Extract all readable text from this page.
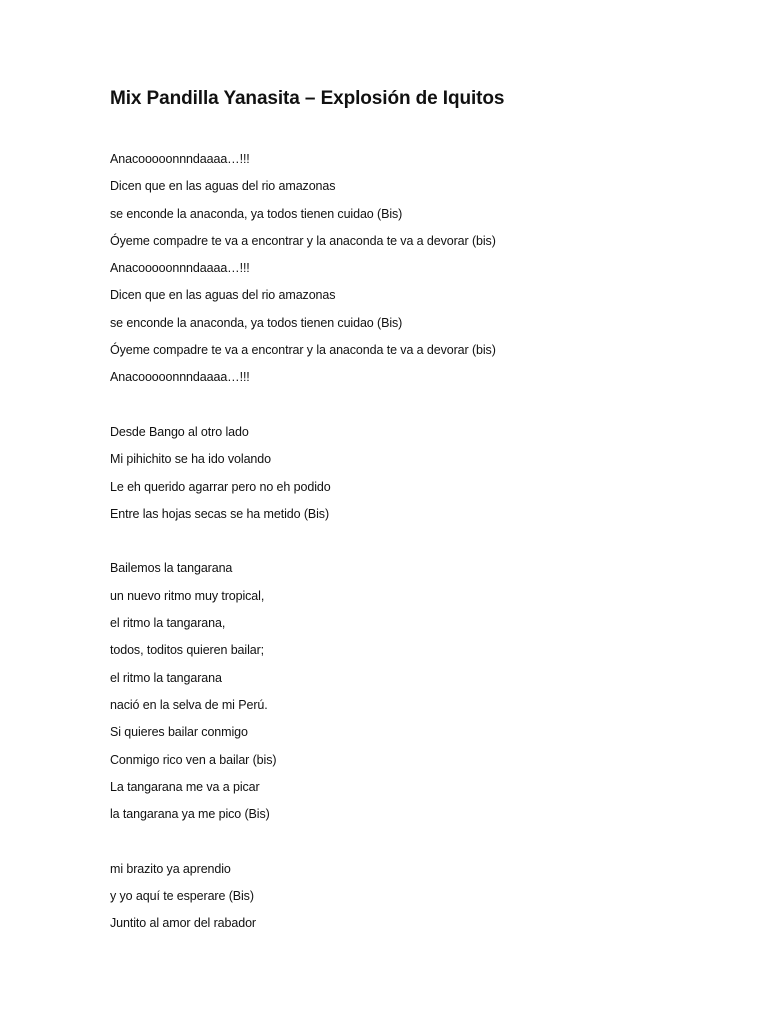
Mix Pandilla Yanasita – Explosión de Iquitos
Anacooooonnndaaaa…!!!
Dicen que en las aguas del rio amazonas
se enconde la anaconda, ya todos tienen cuidao (Bis)
Óyeme compadre te va a encontrar y la anaconda te va a devorar (bis)
Anacooooonnndaaaa…!!!
Dicen que en las aguas del rio amazonas
se enconde la anaconda, ya todos tienen cuidao (Bis)
Óyeme compadre te va a encontrar y la anaconda te va a devorar (bis)
Anacooooonnndaaaa…!!!
Desde Bango al otro lado
Mi pihichito se ha ido volando
Le eh querido agarrar pero no eh podido
Entre las hojas secas se ha metido (Bis)
Bailemos la tangarana
un nuevo ritmo muy tropical,
el ritmo la tangarana,
todos, toditos quieren bailar;
el ritmo la tangarana
nació en la selva de mi Perú.
Si quieres bailar conmigo
Conmigo rico ven a bailar (bis)
La tangarana me va a picar
la tangarana ya me pico (Bis)
mi brazito ya aprendio
y yo aquí te esperare (Bis)
Juntito al amor del rabador
